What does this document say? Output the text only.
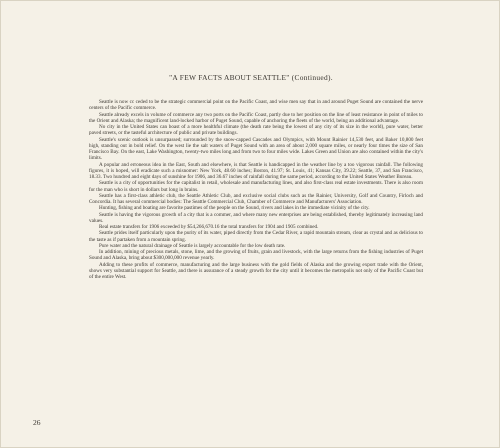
"A FEW FACTS ABOUT SEATTLE" (Continued).

Seattle is now cc ceded to be the strategic commercial point on the Pacific Coast, and wise men say that in and around Puget Sound are contained the nerve centers of the Pacific commerce.

Seattle already excels in volume of commerce any two ports on the Pacific Coast, partly due to her position on the line of least resistance in point of miles to the Orient and Alaska; the magnificent land-locked harbor of Puget Sound, capable of anchoring the fleets of the world, being an additional advantage.

No city in the United States can boast of a more healthful climate (the death rate being the lowest of any city of its size in the world), pure water, better paved streets, or the tasteful architecture of public and private buildings.

Seattle's scenic outlook is unsurpassed; surrounded by the snow-capped Cascades and Olympics, with Mount Rainier 14,530 feet, and Baker 10,800 feet high, standing out in bold relief. On the west lie the salt waters of Puget Sound with an area of about 2,000 square miles, or nearly four times the size of San Francisco Bay. On the east, Lake Washington, twenty-two miles long and from two to four miles wide. Lakes Green and Union are also contained within the city's limits.

A popular and erroneous idea in the East, South and elsewhere, is that Seattle is handicapped in the weather line by a too vigorous rainfall. The following figures, it is hoped, will eradicate such a misnomer: New York, 48.60 inches; Boston, 41.97; St. Louis, 41; Kansas City, 39.22; Seattle, 37, and San Francisco, 18.33. Two hundred and eight days of sunshine for 1906, and 36.67 inches of rainfall during the same period, according to the United States Weather Bureau.

Seattle is a city of opportunities for the capitalist in retail, wholesale and manufacturing lines, and also first-class real estate investments. There is also room for the man who is short in dollars but long in brains.

Seattle has a first-class athletic club, the Seattle Athletic Club, and exclusive social clubs such as the Rainier, University, Golf and Country, Firloch and Concordia. It has several commercial bodies: The Seattle Commercial Club, Chamber of Commerce and Manufacturers' Association.

Hunting, fishing and boating are favorite pastimes of the people on the Sound, rivers and lakes in the immediate vicinity of the city.

Seattle is having the vigorous growth of a city that is a commer, and where many new enterprises are being established, thereby legitimately increasing land values.

Real estate transfers for 1906 exceeded by $54,266,670.16 the total transfers for 1904 and 1905 combined.

Seattle prides itself particularly upon the purity of its water, piped directly from the Cedar River, a rapid mountain stream, clear as crystal and as delicious to the taste as if partaken from a mountain spring.

Pure water and the natural drainage of Seattle is largely accountable for the low death rate.

In addition, mining of precious metals, stone, lime, and the growing of fruits, grain and livestock, with the large returns from the fishing industries of Puget Sound and Alaska, bring about $300,000,000 revenue yearly.

Adding to these profits of commerce, manufacturing and the large business with the gold fields of Alaska and the growing export trade with the Orient, shows very substantial support for Seattle, and there is assurance of a steady growth for the city until it becomes the metropolis not only of the Pacific Coast but of the entire West.

26
